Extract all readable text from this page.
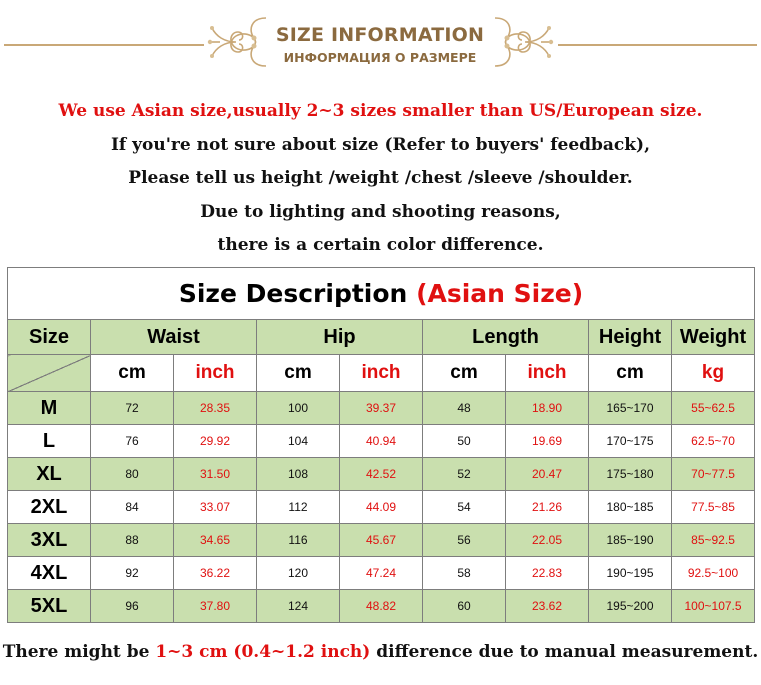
SIZE INFORMATION
ИНФОРМАЦИЯ О РАЗМЕРЕ
We use Asian size,usually 2~3 sizes smaller than US/European size.
If you're not sure about size (Refer to buyers' feedback),
Please tell us height /weight /chest /sleeve /shoulder.
Due to lighting and shooting reasons,
there is a certain color difference.
Size Description (Asian Size)								
Size	Waist		Hip		Length		Height	Weight
	cm	inch	cm	inch	cm	inch	cm	kg
M	72	28.35	100	39.37	48	18.90	165~170	55~62.5
L	76	29.92	104	40.94	50	19.69	170~175	62.5~70
XL	80	31.50	108	42.52	52	20.47	175~180	70~77.5
2XL	84	33.07	112	44.09	54	21.26	180~185	77.5~85
3XL	88	34.65	116	45.67	56	22.05	185~190	85~92.5
4XL	92	36.22	120	47.24	58	22.83	190~195	92.5~100
5XL	96	37.80	124	48.82	60	23.62	195~200	100~107.5
There might be 1~3 cm (0.4~1.2 inch) difference due to manual measurement.
